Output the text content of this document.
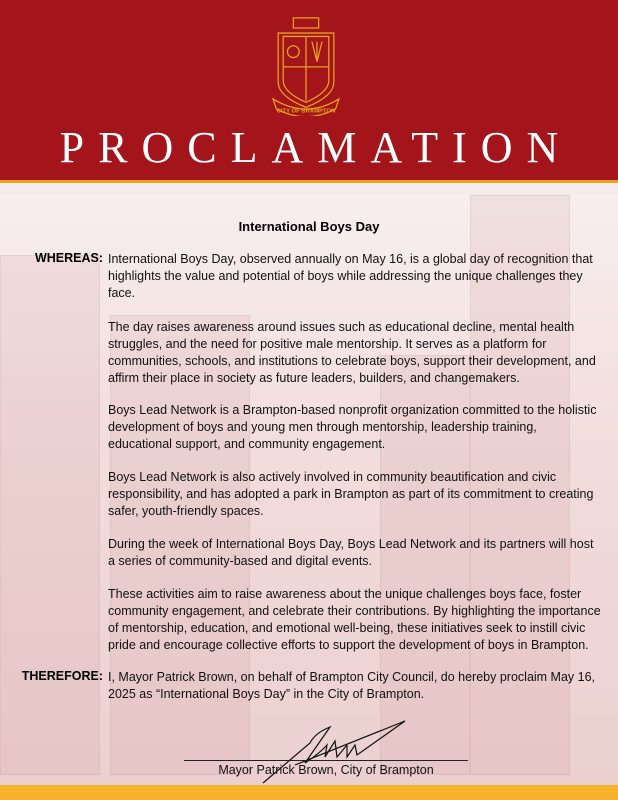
CITY OF BRAMPTON
PROCLAMATION
International Boys Day
WHEREAS: International Boys Day, observed annually on May 16, is a global day of recognition that
highlights the value and potential of boys while addressing the unique challenges they
face.
The day raises awareness around issues such as educational decline, mental health
struggles, and the need for positive male mentorship. It serves as a platform for
communities, schools, and institutions to celebrate boys, support their development, and
affirm their place in society as future leaders, builders, and changemakers.
Boys Lead Network is a Brampton-based nonprofit organization committed to the holistic
development of boys and young men through mentorship, leadership training,
educational support, and community engagement.
Boys Lead Network is also actively involved in community beautification and civic
responsibility, and has adopted a park in Brampton as part of its commitment to creating
safer, youth-friendly spaces.
During the week of International Boys Day, Boys Lead Network and its partners will host
a series of community-based and digital events.
These activities aim to raise awareness about the unique challenges boys face, foster
community engagement, and celebrate their contributions. By highlighting the importance
of mentorship, education, and emotional well-being, these initiatives seek to instill civic
pride and encourage collective efforts to support the development of boys in Brampton.
THEREFORE: I, Mayor Patrick Brown, on behalf of Brampton City Council, do hereby proclaim May 16,
2025 as “International Boys Day” in the City of Brampton.
Mayor Patrick Brown, City of Brampton
